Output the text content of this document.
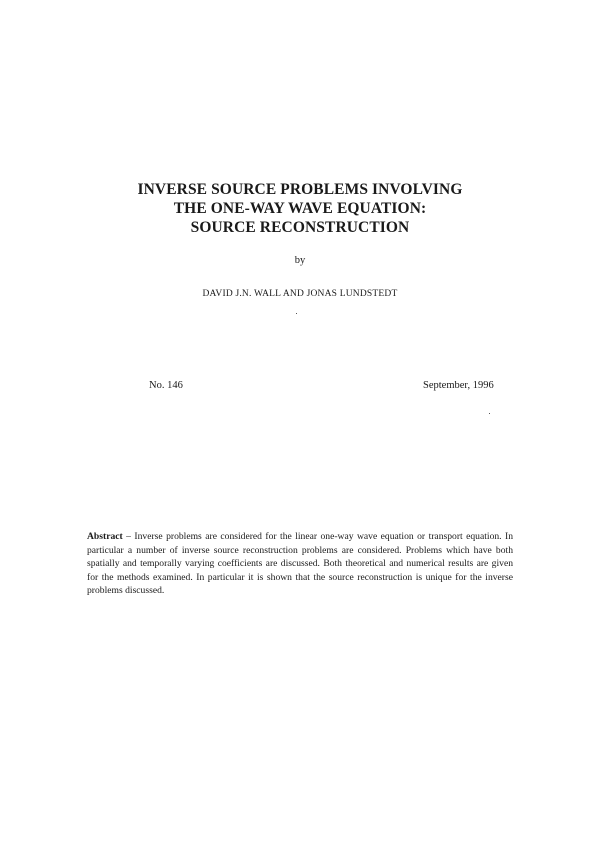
INVERSE SOURCE PROBLEMS INVOLVING
THE ONE-WAY WAVE EQUATION:
SOURCE RECONSTRUCTION
by
DAVID J.N. WALL AND JONAS LUNDSTEDT
No. 146	September, 1996
Abstract – Inverse problems are considered for the linear one-way wave equation or transport equation. In particular a number of inverse source reconstruction problems are considered. Problems which have both spatially and temporally varying coefficients are discussed. Both theoretical and numerical results are given for the methods examined. In particular it is shown that the source reconstruction is unique for the inverse problems discussed.
